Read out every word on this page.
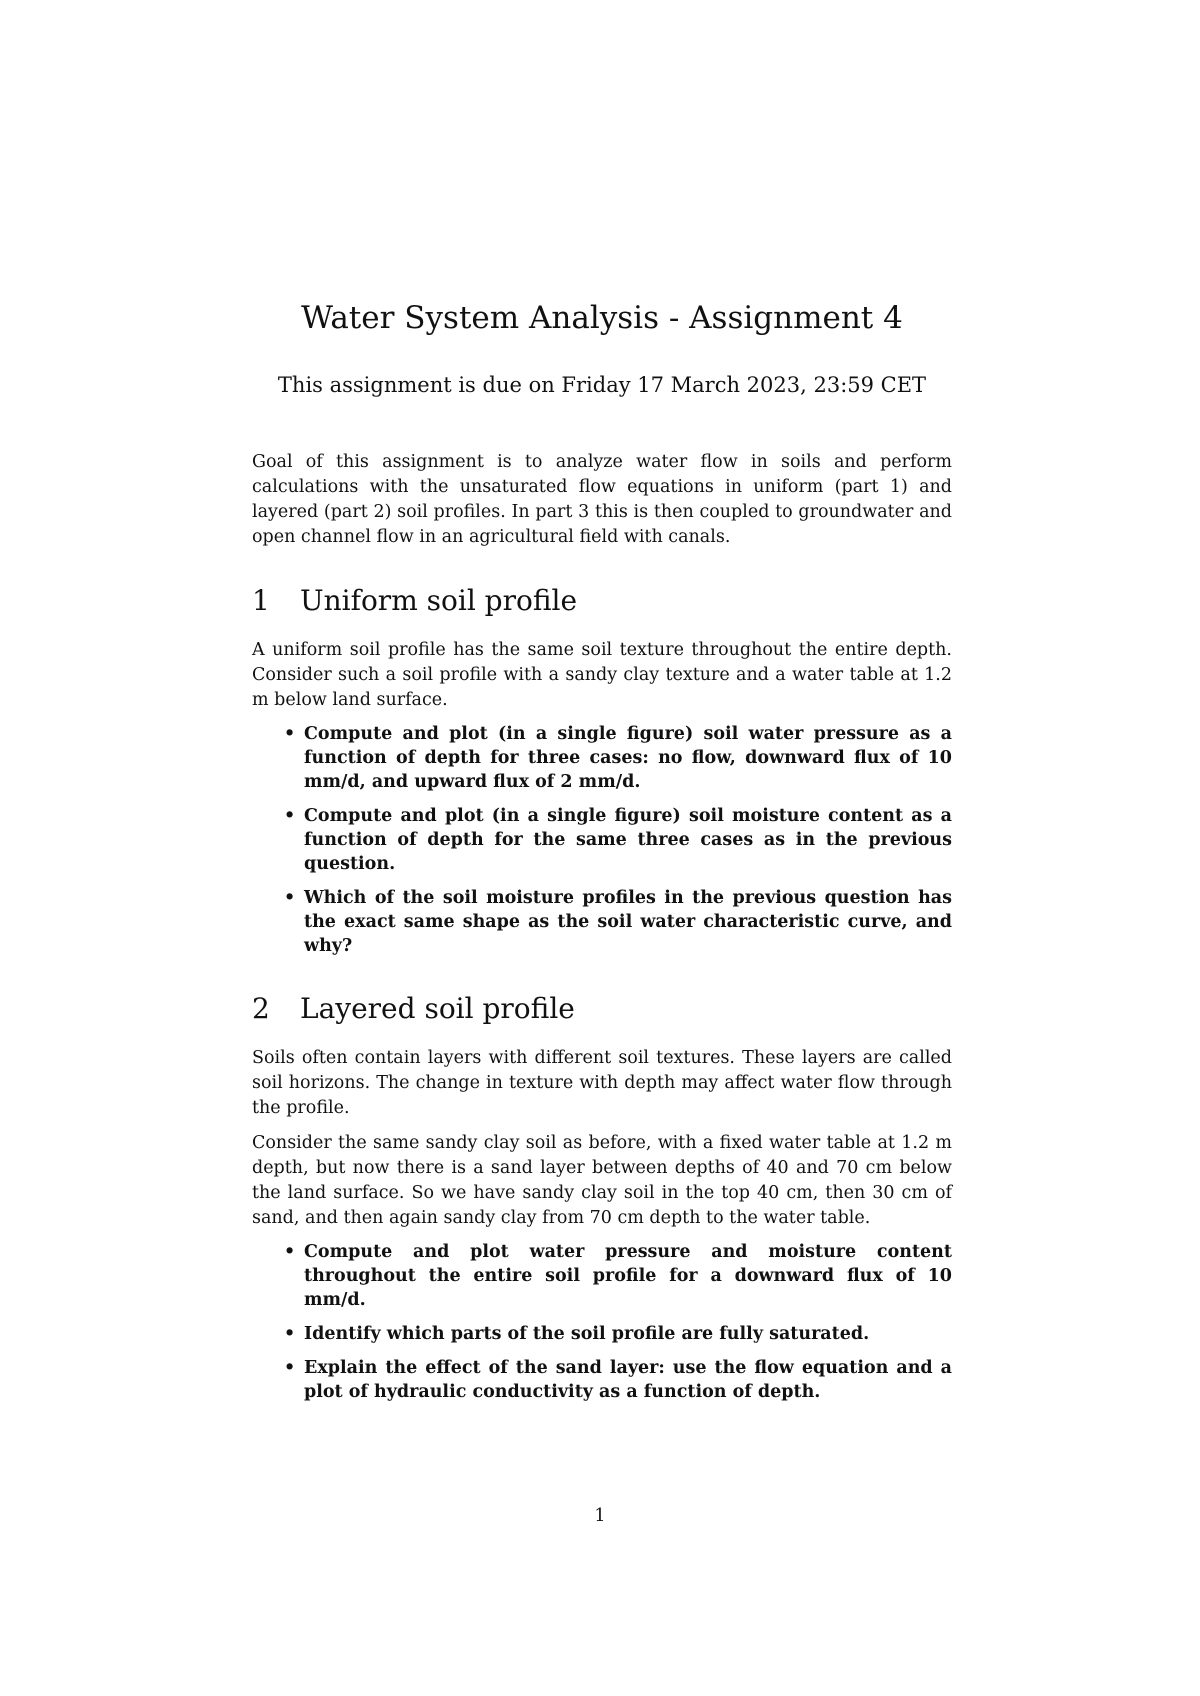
Water System Analysis - Assignment 4

This assignment is due on Friday 17 March 2023, 23:59 CET

Goal of this assignment is to analyze water flow in soils and perform calculations with the unsaturated flow equations in uniform (part 1) and layered (part 2) soil profiles. In part 3 this is then coupled to groundwater and open channel flow in an agricultural field with canals.

1	Uniform soil profile

A uniform soil profile has the same soil texture throughout the entire depth. Consider such a soil profile with a sandy clay texture and a water table at 1.2 m below land surface.

• Compute and plot (in a single figure) soil water pressure as a function of depth for three cases: no flow, downward flux of 10 mm/d, and upward flux of 2 mm/d.
• Compute and plot (in a single figure) soil moisture content as a function of depth for the same three cases as in the previous question.
• Which of the soil moisture profiles in the previous question has the exact same shape as the soil water characteristic curve, and why?
2	Layered soil profile

Soils often contain layers with different soil textures. These layers are called soil horizons. The change in texture with depth may affect water flow through the profile.

Consider the same sandy clay soil as before, with a fixed water table at 1.2 m depth, but now there is a sand layer between depths of 40 and 70 cm below the land surface. So we have sandy clay soil in the top 40 cm, then 30 cm of sand, and then again sandy clay from 70 cm depth to the water table.

• Compute and plot water pressure and moisture content throughout the entire soil profile for a downward flux of 10 mm/d.
• Identify which parts of the soil profile are fully saturated.
• Explain the effect of the sand layer: use the flow equation and a plot of hydraulic conductivity as a function of depth.
1
